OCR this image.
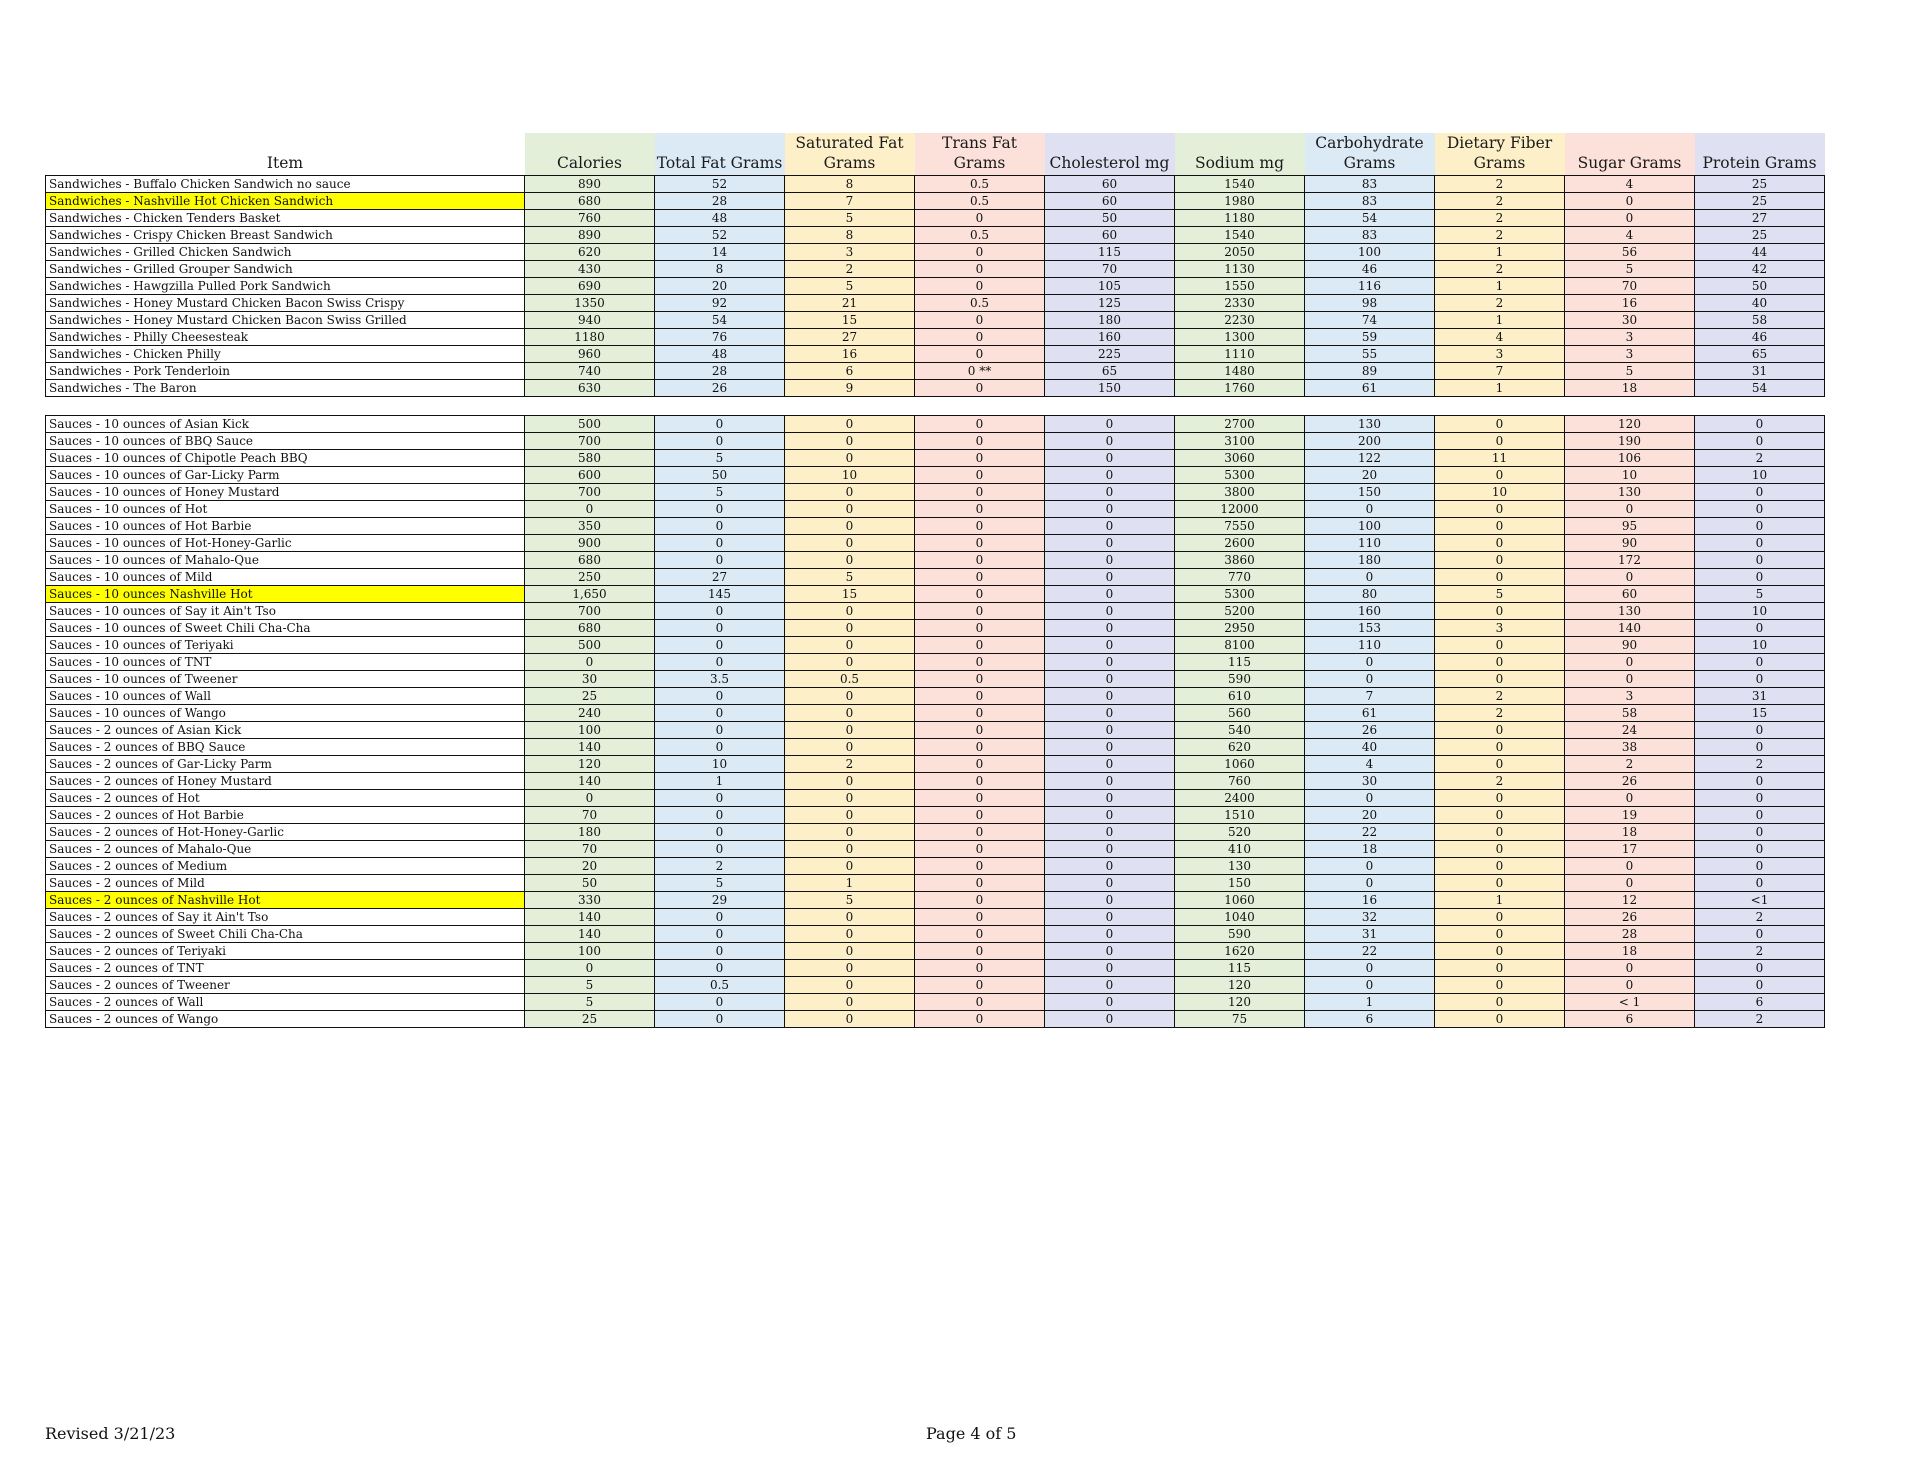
Item	Calories	Total Fat Grams	Saturated Fat Grams	Trans Fat Grams	Cholesterol mg	Sodium mg	Carbohydrate Grams	Dietary Fiber Grams	Sugar Grams	Protein Grams
Sandwiches - Buffalo Chicken Sandwich no sauce	890	52	8	0.5	60	1540	83	2	4	25
Sandwiches - Nashville Hot Chicken Sandwich	680	28	7	0.5	60	1980	83	2	0	25
Sandwiches - Chicken Tenders Basket	760	48	5	0	50	1180	54	2	0	27
Sandwiches - Crispy Chicken Breast Sandwich	890	52	8	0.5	60	1540	83	2	4	25
Sandwiches - Grilled Chicken Sandwich	620	14	3	0	115	2050	100	1	56	44
Sandwiches - Grilled Grouper Sandwich	430	8	2	0	70	1130	46	2	5	42
Sandwiches - Hawgzilla Pulled Pork Sandwich	690	20	5	0	105	1550	116	1	70	50
Sandwiches - Honey Mustard Chicken Bacon Swiss Crispy	1350	92	21	0.5	125	2330	98	2	16	40
Sandwiches - Honey Mustard Chicken Bacon Swiss Grilled	940	54	15	0	180	2230	74	1	30	58
Sandwiches - Philly Cheesesteak	1180	76	27	0	160	1300	59	4	3	46
Sandwiches - Chicken Philly	960	48	16	0	225	1110	55	3	3	65
Sandwiches - Pork Tenderloin	740	28	6	0 **	65	1480	89	7	5	31
Sandwiches - The Baron	630	26	9	0	150	1760	61	1	18	54

Sauces - 10 ounces of Asian Kick	500	0	0	0	0	2700	130	0	120	0
Sauces - 10 ounces of BBQ Sauce	700	0	0	0	0	3100	200	0	190	0
Suaces - 10 ounces of Chipotle Peach BBQ	580	5	0	0	0	3060	122	11	106	2
Sauces - 10 ounces of Gar-Licky Parm	600	50	10	0	0	5300	20	0	10	10
Sauces - 10 ounces of Honey Mustard	700	5	0	0	0	3800	150	10	130	0
Sauces - 10 ounces of Hot	0	0	0	0	0	12000	0	0	0	0
Sauces - 10 ounces of Hot Barbie	350	0	0	0	0	7550	100	0	95	0
Sauces - 10 ounces of Hot-Honey-Garlic	900	0	0	0	0	2600	110	0	90	0
Sauces - 10 ounces of Mahalo-Que	680	0	0	0	0	3860	180	0	172	0
Sauces - 10 ounces of Mild	250	27	5	0	0	770	0	0	0	0
Sauces - 10 ounces Nashville Hot	1,650	145	15	0	0	5300	80	5	60	5
Sauces - 10 ounces of Say it Ain't Tso	700	0	0	0	0	5200	160	0	130	10
Sauces - 10 ounces of Sweet Chili Cha-Cha	680	0	0	0	0	2950	153	3	140	0
Sauces - 10 ounces of Teriyaki	500	0	0	0	0	8100	110	0	90	10
Sauces - 10 ounces of TNT	0	0	0	0	0	115	0	0	0	0
Sauces - 10 ounces of Tweener	30	3.5	0.5	0	0	590	0	0	0	0
Sauces - 10 ounces of Wall	25	0	0	0	0	610	7	2	3	31
Sauces - 10 ounces of Wango	240	0	0	0	0	560	61	2	58	15
Sauces - 2 ounces of Asian Kick	100	0	0	0	0	540	26	0	24	0
Sauces - 2 ounces of BBQ Sauce	140	0	0	0	0	620	40	0	38	0
Sauces - 2 ounces of Gar-Licky Parm	120	10	2	0	0	1060	4	0	2	2
Sauces - 2 ounces of Honey Mustard	140	1	0	0	0	760	30	2	26	0
Sauces - 2 ounces of Hot	0	0	0	0	0	2400	0	0	0	0
Sauces - 2 ounces of Hot Barbie	70	0	0	0	0	1510	20	0	19	0
Sauces - 2 ounces of Hot-Honey-Garlic	180	0	0	0	0	520	22	0	18	0
Sauces - 2 ounces of Mahalo-Que	70	0	0	0	0	410	18	0	17	0
Sauces - 2 ounces of Medium	20	2	0	0	0	130	0	0	0	0
Sauces - 2 ounces of Mild	50	5	1	0	0	150	0	0	0	0
Sauces - 2 ounces of Nashville Hot	330	29	5	0	0	1060	16	1	12	<1
Sauces - 2 ounces of Say it Ain't Tso	140	0	0	0	0	1040	32	0	26	2
Sauces - 2 ounces of Sweet Chili Cha-Cha	140	0	0	0	0	590	31	0	28	0
Sauces - 2 ounces of Teriyaki	100	0	0	0	0	1620	22	0	18	2
Sauces - 2 ounces of TNT	0	0	0	0	0	115	0	0	0	0
Sauces - 2 ounces of Tweener	5	0.5	0	0	0	120	0	0	0	0
Sauces - 2 ounces of Wall	5	0	0	0	0	120	1	0	< 1	6
Sauces - 2 ounces of Wango	25	0	0	0	0	75	6	0	6	2
Revised 3/21/23	Page 4 of 5
